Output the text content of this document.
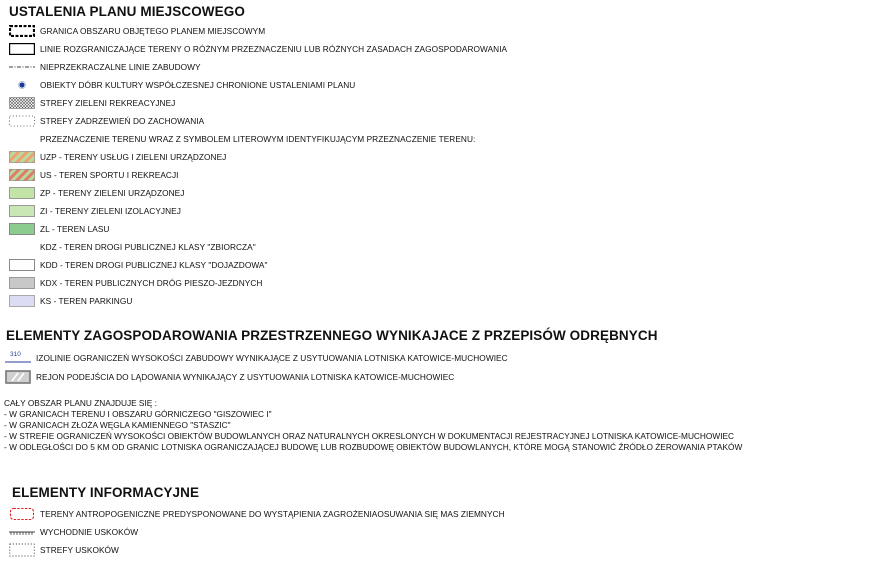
USTALENIA PLANU MIEJSCOWEGO
GRANICA OBSZARU OBJĘTEGO PLANEM MIEJSCOWYM
LINIE ROZGRANICZAJĄCE TERENY O RÓŻNYM PRZEZNACZENIU LUB RÓŻNYCH ZASADACH ZAGOSPODAROWANIA
NIEPRZEKRACZALNE LINIE ZABUDOWY
OBIEKTY DÓBR KULTURY WSPÓŁCZESNEJ CHRONIONE USTALENIAMI PLANU
STREFY ZIELENI REKREACYJNEJ
STREFY ZADRZEWIEŃ DO ZACHOWANIA
PRZEZNACZENIE TERENU WRAZ Z SYMBOLEM LITEROWYM IDENTYFIKUJĄCYM PRZEZNACZENIE TERENU:
UZP - TERENY USŁUG I ZIELENI URZĄDZONEJ
US - TEREN SPORTU I REKREACJI
ZP - TERENY ZIELENI URZĄDZONEJ
ZI - TERENY ZIELENI IZOLACYJNEJ
ZL - TEREN LASU
KDZ - TEREN DROGI PUBLICZNEJ KLASY "ZBIORCZA"
KDD - TEREN DROGI PUBLICZNEJ KLASY "DOJAZDOWA"
KDX - TEREN PUBLICZNYCH DRÓG PIESZO-JEZDNYCH
KS - TEREN PARKINGU
ELEMENTY ZAGOSPODAROWANIA PRZESTRZENNEGO WYNIKAJACE Z PRZEPISÓW ODRĘBNYCH
310 IZOLINIE OGRANICZEŃ WYSOKOŚCI ZABUDOWY WYNIKAJĄCE Z USYTUOWANIA LOTNISKA KATOWICE-MUCHOWIEC
REJON PODEJŚCIA DO LĄDOWANIA WYNIKAJĄCY Z USYTUOWANIA LOTNISKA KATOWICE-MUCHOWIEC
CAŁY OBSZAR PLANU ZNAJDUJE SIĘ :
- W GRANICACH TERENU I OBSZARU GÓRNICZEGO "GISZOWIEC I"
- W GRANICACH ZŁOŻA WĘGLA KAMIENNEGO "STASZIC"
- W STREFIE OGRANICZEŃ WYSOKOŚCI OBIEKTÓW BUDOWLANYCH ORAZ NATURALNYCH OKRESLONYCH W DOKUMENTACJI REJESTRACYJNEJ LOTNISKA KATOWICE-MUCHOWIEC
- W ODLEGŁOŚCI DO 5 KM OD GRANIC LOTNISKA OGRANICZAJĄCEJ BUDOWĘ LUB ROZBUDOWĘ OBIEKTÓW BUDOWLANYCH, KTÓRE MOGĄ STANOWIĆ ŹRÓDŁO ŻEROWANIA PTAKÓW
ELEMENTY INFORMACYJNE
TERENY ANTROPOGENICZNE PREDYSPONOWANE DO WYSTĄPIENIA ZAGROŻENIAOSUWANIA SIĘ MAS ZIEMNYCH
WYCHODNIE USKOKÓW
STREFY USKOKÓW
